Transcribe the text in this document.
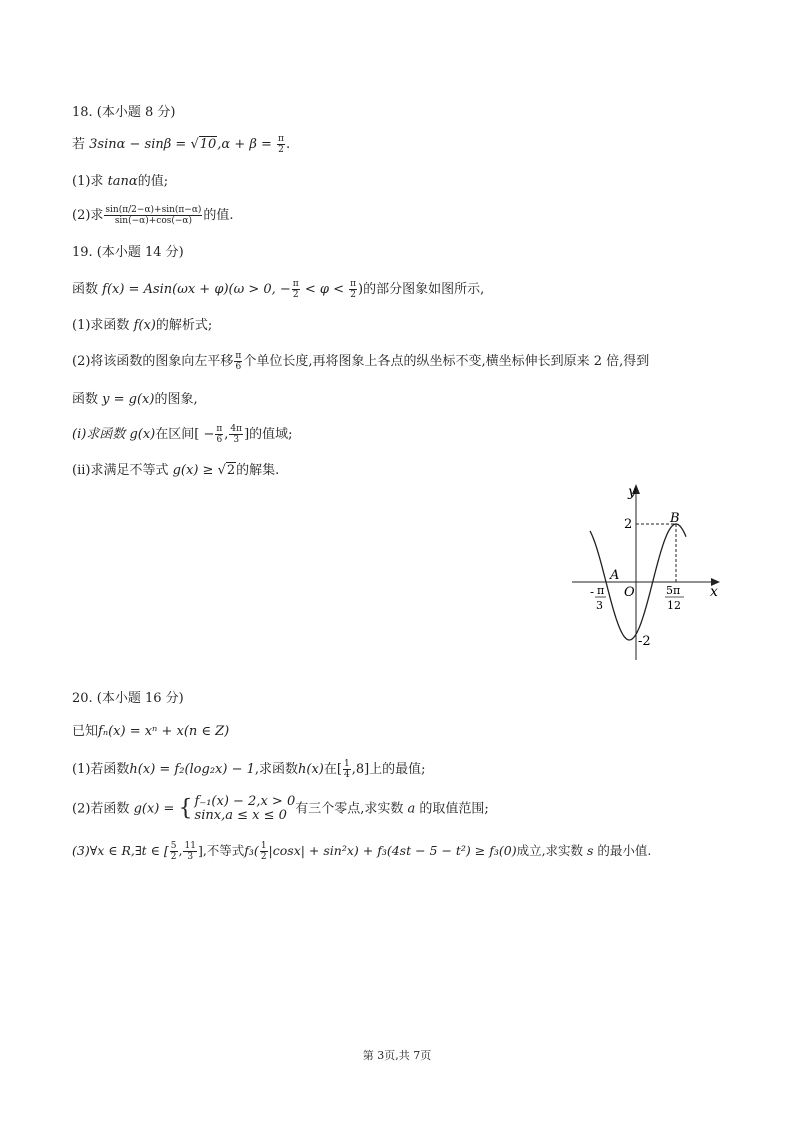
18. (本小题 8 分)
若 $3\sin\alpha - \sin\beta = √10,\alpha + \beta = \frac{\pi}{2}$ .
(1)求 tanα的值;
(2)求 $\frac{\sin(\pi/2-\alpha)+\sin(\pi-\alpha)}{\sin(-\alpha)+\cos(-\alpha)}$ 的值.
19. (本小题 14 分)
函数 f(x) = Asin(ωx + φ)(ω > 0, − $\frac{\pi}{2} < \varphi < \frac{\pi}{2}$ )的部分图象如图所示,
(1)求函数 f(x)的解析式;
(2)将该函数的图象向左平移 $\frac{\pi}{6}$ 个单位长度,再将图象上各点的纵坐标不变,横坐标伸长到原来 2 倍,得到
函数 y = g(x)的图象,
(i)求函数 g(x)在区间[ − $\frac{\pi}{6}$ , $\frac{4\pi}{3}$ ]的值域;
(ii)求满足不等式 g(x) ≥ √2的解集.
y
x
O
A
B
2
-2
- π
3
5π
12
20. (本小题 16 分)
已知fₙ(x) = xⁿ + x(n ∈ Z)
(1)若函数h(x) = f₂(log₂x) − 1,求函数h(x)在[ $\frac{1}{4} ,8$]上的最值;
(2)若函数 g(x) = { f₋₁(x) − 2,x > 0
sinx,a ≤ x ≤ 0 有三个零点,求实数 a 的取值范围;
(3)∀x ∈ R,∃t ∈ [ $\frac{5}{2}$ , $\frac{11}{3}$ ],不等式$f_3( \frac{1}{2} |\cos x| + \sin^2x) + f_3(4st - 5 - t^2) \ge f_3(0)$成立,求实数 s 的最小值.
第 3页,共 7页
